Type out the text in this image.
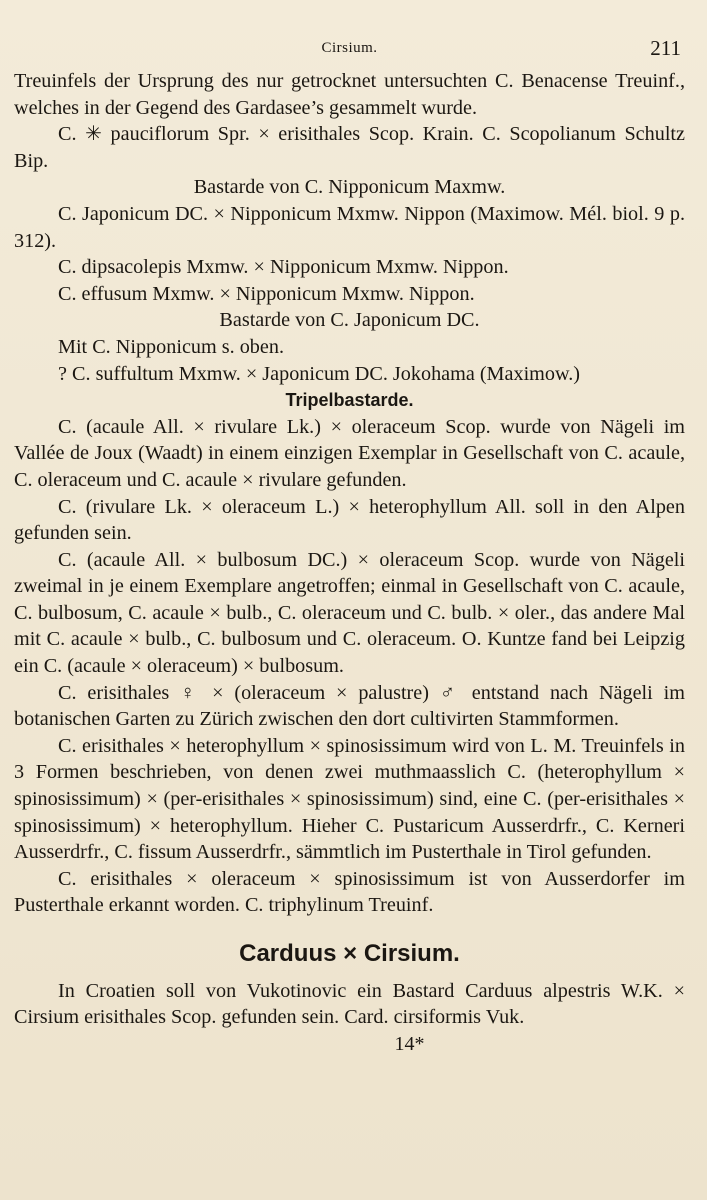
Cirsium.	211

Treuinfels der Ursprung des nur getrocknet untersuchten C. Benacense Treuinf., welches in der Gegend des Gardasee’s gesammelt wurde.

C. ✳ pauciflorum Spr. × erisithales Scop. Krain. C. Scopolianum Schultz Bip.

Bastarde von C. Nipponicum Maxmw.

C. Japonicum DC. × Nipponicum Mxmw. Nippon (Maximow. Mél. biol. 9 p. 312).

C. dipsacolepis Mxmw. × Nipponicum Mxmw. Nippon.

C. effusum Mxmw. × Nipponicum Mxmw. Nippon.

Bastarde von C. Japonicum DC.

Mit C. Nipponicum s. oben.

? C. suffultum Mxmw. × Japonicum DC. Jokohama (Maximow.)

Tripelbastarde.

C. (acaule All. × rivulare Lk.) × oleraceum Scop. wurde von Nägeli im Vallée de Joux (Waadt) in einem einzigen Exemplar in Gesellschaft von C. acaule, C. oleraceum und C. acaule × rivulare gefunden.

C. (rivulare Lk. × oleraceum L.) × heterophyllum All. soll in den Alpen gefunden sein.

C. (acaule All. × bulbosum DC.) × oleraceum Scop. wurde von Nägeli zweimal in je einem Exemplare angetroffen; einmal in Gesellschaft von C. acaule, C. bulbosum, C. acaule × bulb., C. oleraceum und C. bulb. × oler., das andere Mal mit C. acaule × bulb., C. bulbosum und C. oleraceum. O. Kuntze fand bei Leipzig ein C. (acaule × oleraceum) × bulbosum.

C. erisithales ♀ × (oleraceum × palustre) ♂ entstand nach Nägeli im botanischen Garten zu Zürich zwischen den dort cultivirten Stammformen.

C. erisithales × heterophyllum × spinosissimum wird von L. M. Treuinfels in 3 Formen beschrieben, von denen zwei muthmaasslich C. (heterophyllum × spinosissimum) × (per-erisithales × spinosissimum) sind, eine C. (per-erisithales × spinosissimum) × heterophyllum. Hieher C. Pustaricum Ausserdrfr., C. Kerneri Ausserdrfr., C. fissum Ausserdrfr., sämmtlich im Pusterthale in Tirol gefunden.

C. erisithales × oleraceum × spinosissimum ist von Ausserdorfer im Pusterthale erkannt worden. C. triphylinum Treuinf.

Carduus × Cirsium.

In Croatien soll von Vukotinovic ein Bastard Carduus alpestris W.K. × Cirsium erisithales Scop. gefunden sein. Card. cirsiformis Vuk.

14*
